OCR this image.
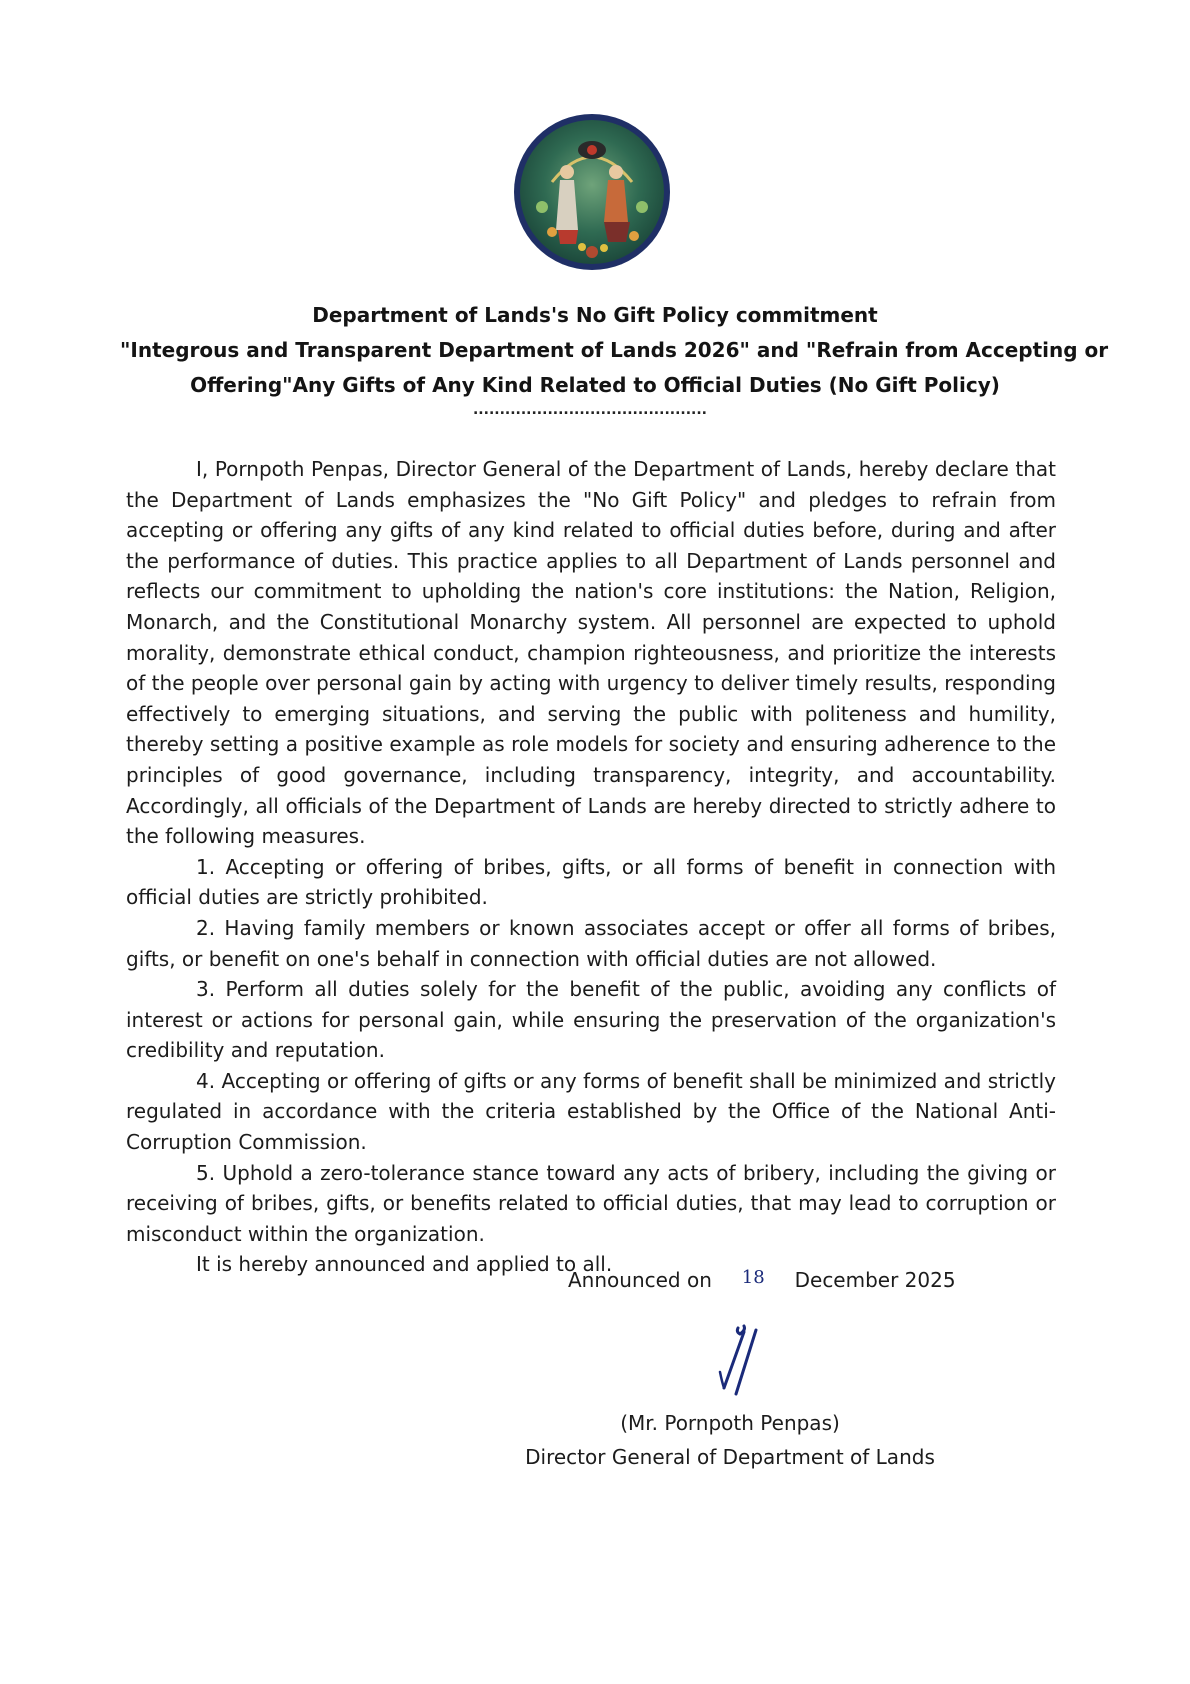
Department of Lands's No Gift Policy commitment
"Integrous and Transparent Department of Lands 2026" and "Refrain from Accepting or
Offering"Any Gifts of Any Kind Related to Official Duties (No Gift Policy)
............................................

I, Pornpoth Penpas, Director General of the Department of Lands, hereby declare that the Department of Lands emphasizes the "No Gift Policy" and pledges to refrain from accepting or offering any gifts of any kind related to official duties before, during and after the performance of duties. This practice applies to all Department of Lands personnel and reflects our commitment to upholding the nation's core institutions: the Nation, Religion, Monarch, and the Constitutional Monarchy system. All personnel are expected to uphold morality, demonstrate ethical conduct, champion righteousness, and prioritize the interests of the people over personal gain by acting with urgency to deliver timely results, responding effectively to emerging situations, and serving the public with politeness and humility, thereby setting a positive example as role models for society and ensuring adherence to the principles of good governance, including transparency, integrity, and accountability. Accordingly, all officials of the Department of Lands are hereby directed to strictly adhere to the following measures.

1. Accepting or offering of bribes, gifts, or all forms of benefit in connection with official duties are strictly prohibited.

2. Having family members or known associates accept or offer all forms of bribes, gifts, or benefit on one's behalf in connection with official duties are not allowed.

3. Perform all duties solely for the benefit of the public, avoiding any conflicts of interest or actions for personal gain, while ensuring the preservation of the organization's credibility and reputation.

4. Accepting or offering of gifts or any forms of benefit shall be minimized and strictly regulated in accordance with the criteria established by the Office of the National Anti-Corruption Commission.

5. Uphold a zero-tolerance stance toward any acts of bribery, including the giving or receiving of bribes, gifts, or benefits related to official duties, that may lead to corruption or misconduct within the organization.

It is hereby announced and applied to all.

Announced on 18 December 2025
(Mr. Pornpoth Penpas)
Director General of Department of Lands
